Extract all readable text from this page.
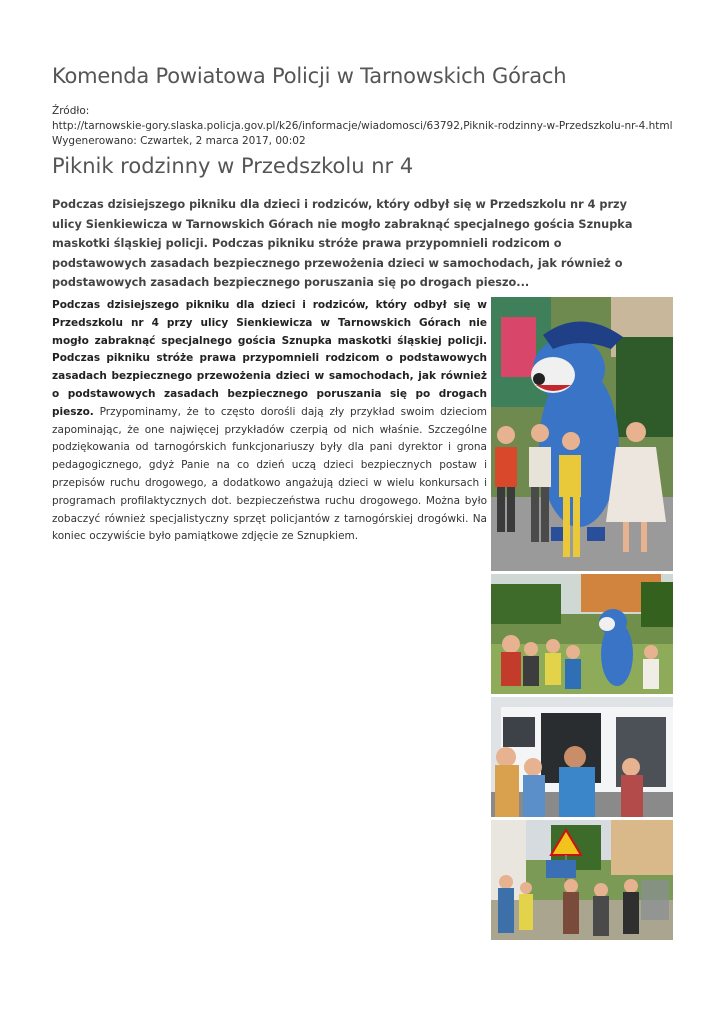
Komenda Powiatowa Policji w Tarnowskich Górach
Źródło:
http://tarnowskie-gory.slaska.policja.gov.pl/k26/informacje/wiadomosci/63792,Piknik-rodzinny-w-Przedszkolu-nr-4.html
Wygenerowano: Czwartek, 2 marca 2017, 00:02
Piknik rodzinny w Przedszkolu nr 4
Podczas dzisiejszego pikniku dla dzieci i rodziców, który odbył się w Przedszkolu nr 4 przy ulicy Sienkiewicza w Tarnowskich Górach nie mogło zabraknąć specjalnego gościa Sznupka maskotki śląskiej policji. Podczas pikniku stróże prawa przypomnieli rodzicom o podstawowych zasadach bezpiecznego przewożenia dzieci w samochodach, jak również o podstawowych zasadach bezpiecznego poruszania się po drogach pieszo...
Podczas dzisiejszego pikniku dla dzieci i rodziców, który odbył się w Przedszkolu nr 4 przy ulicy Sienkiewicza w Tarnowskich Górach nie mogło zabraknąć specjalnego gościa Sznupka maskotki śląskiej policji. Podczas pikniku stróże prawa przypomnieli rodzicom o podstawowych zasadach bezpiecznego przewożenia dzieci w samochodach, jak również o podstawowych zasadach bezpiecznego poruszania się po drogach pieszo. Przypominamy, że to często dorośli dają zły przykład swoim dzieciom zapominając, że one najwięcej przykładów czerpią od nich właśnie. Szczególne podziękowania od tarnogórskich funkcjonariuszy były dla pani dyrektor i grona pedagogicznego, gdyż Panie na co dzień uczą dzieci bezpiecznych postaw i przepisów ruchu drogowego, a dodatkowo angażują dzieci w wielu konkursach i programach profilaktycznych dot. bezpieczeństwa ruchu drogowego. Można było zobaczyć również specjalistyczny sprzęt policjantów z tarnogórskiej drogówki. Na koniec oczywiście było pamiątkowe zdjęcie ze Sznupkiem.
